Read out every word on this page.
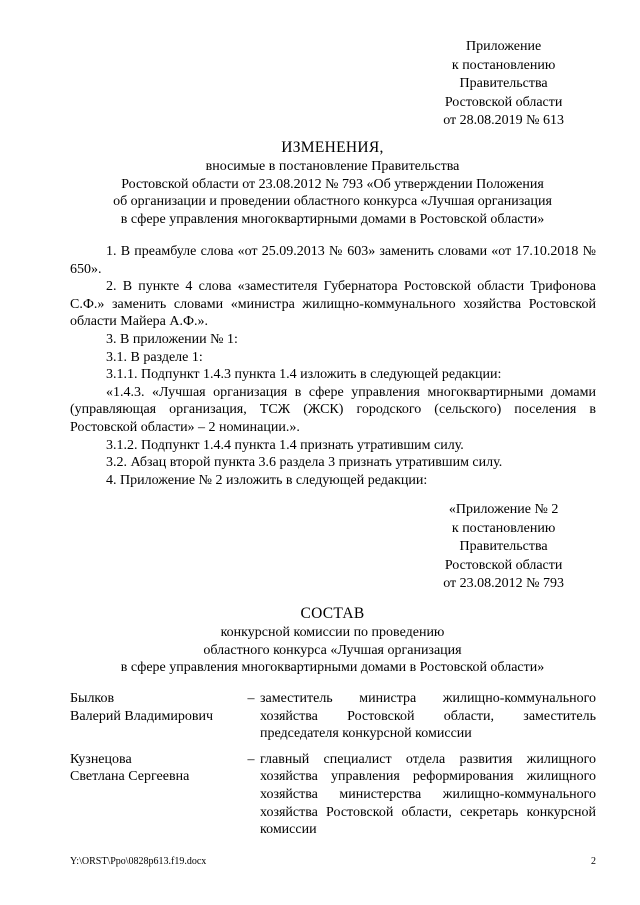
Приложение
к постановлению
Правительства
Ростовской области
от 28.08.2019 № 613
ИЗМЕНЕНИЯ,
вносимые в постановление Правительства
Ростовской области от 23.08.2012 № 793 «Об утверждении Положения
об организации и проведении областного конкурса «Лучшая организация
в сфере управления многоквартирными домами в Ростовской области»

1. В преамбуле слова «от 25.09.2013 № 603» заменить словами «от 17.10.2018 № 650».

2. В пункте 4 слова «заместителя Губернатора Ростовской области Трифонова С.Ф.» заменить словами «министра жилищно-коммунального хозяйства Ростовской области Майера А.Ф.».

3. В приложении № 1:

3.1. В разделе 1:

3.1.1. Подпункт 1.4.3 пункта 1.4 изложить в следующей редакции:

«1.4.3. «Лучшая организация в сфере управления многоквартирными домами (управляющая организация, ТСЖ (ЖСК) городского (сельского) поселения в Ростовской области» – 2 номинации.».

3.1.2. Подпункт 1.4.4 пункта 1.4 признать утратившим силу.

3.2. Абзац второй пункта 3.6 раздела 3 признать утратившим силу.

4. Приложение № 2 изложить в следующей редакции:

«Приложение № 2
к постановлению
Правительства
Ростовской области
от 23.08.2012 № 793
СОСТАВ
конкурсной комиссии по проведению
областного конкурса «Лучшая организация
в сфере управления многоквартирными домами в Ростовской области»
Былков
Валерий Владимирович
– заместитель министра жилищно-коммунального хозяйства Ростовской области, заместитель председателя конкурсной комиссии
Кузнецова
Светлана Сергеевна
– главный специалист отдела развития жилищного хозяйства управления реформирования жилищного хозяйства министерства жилищно-коммунального хозяйства Ростовской области, секретарь конкурсной комиссии
Y:\ORST\Ppo\0828p613.f19.docx	2
